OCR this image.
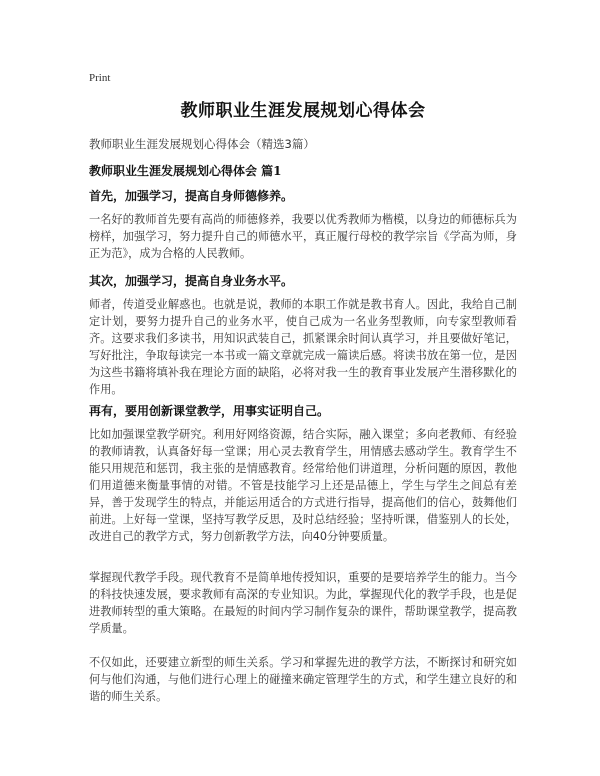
Print
教师职业生涯发展规划心得体会
教师职业生涯发展规划心得体会（精选3篇）
教师职业生涯发展规划心得体会 篇1
首先，加强学习，提高自身师德修养。
一名好的教师首先要有高尚的师德修养，我要以优秀教师为楷模，以身边的师德标兵为榜样，加强学习，努力提升自己的师德水平，真正履行母校的教学宗旨《学高为师，身正为范》，成为合格的人民教师。
其次，加强学习，提高自身业务水平。
师者，传道受业解惑也。也就是说，教师的本职工作就是教书育人。因此，我给自己制定计划，要努力提升自己的业务水平，使自己成为一名业务型教师，向专家型教师看齐。这要求我们多读书，用知识武装自己，抓紧课余时间认真学习，并且要做好笔记，写好批注，争取每读完一本书或一篇文章就完成一篇读后感。将读书放在第一位，是因为这些书籍将填补我在理论方面的缺陷，必将对我一生的教育事业发展产生潜移默化的作用。
再有，要用创新课堂教学，用事实证明自己。
比如加强课堂教学研究。利用好网络资源，结合实际，融入课堂；多向老教师、有经验的教师请教，认真备好每一堂课；用心灵去教育学生，用情感去感动学生。教育学生不能只用规范和惩罚，我主张的是情感教育。经常给他们讲道理，分析问题的原因，教他们用道德来衡量事情的对错。不管是技能学习上还是品德上，学生与学生之间总有差异，善于发现学生的特点，并能运用适合的方式进行指导，提高他们的信心，鼓舞他们前进。上好每一堂课，坚持写教学反思，及时总结经验；坚持听课，借鉴别人的长处，改进自己的教学方式，努力创新教学方法，向40分钟要质量。
掌握现代教学手段。现代教育不是简单地传授知识，重要的是要培养学生的能力。当今的科技快速发展，要求教师有高深的专业知识。为此，掌握现代化的教学手段，也是促进教师转型的重大策略。在最短的时间内学习制作复杂的课件，帮助课堂教学，提高教学质量。
不仅如此，还要建立新型的师生关系。学习和掌握先进的教学方法，不断探讨和研究如何与他们沟通，与他们进行心理上的碰撞来确定管理学生的方式，和学生建立良好的和谐的师生关系。
